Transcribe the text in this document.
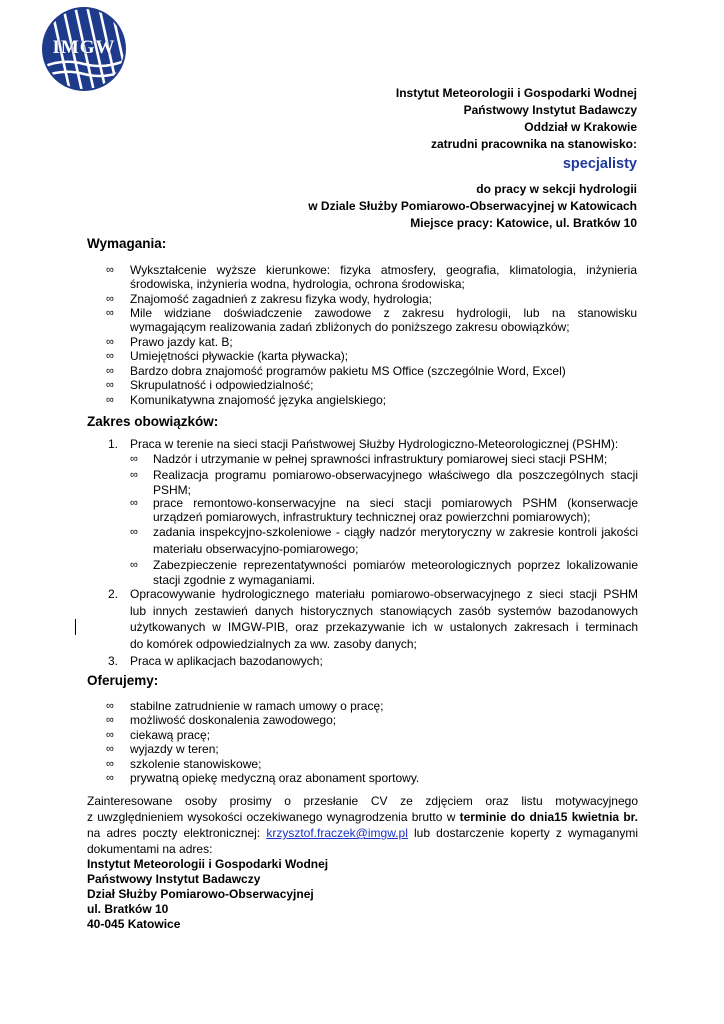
IMGW
Instytut Meteorologii i Gospodarki Wodnej
Państwowy Instytut Badawczy
Oddział w Krakowie
zatrudni pracownika na stanowisko:
specjalisty
do pracy w sekcji hydrologii
w Dziale Służby Pomiarowo-Obserwacyjnej w Katowicach
Miejsce pracy: Katowice, ul. Bratków 10
Wymagania:
∞ Wykształcenie wyższe kierunkowe: fizyka atmosfery, geografia, klimatologia, inżynieria
środowiska, inżynieria wodna, hydrologia, ochrona środowiska;
∞ Znajomość zagadnień z zakresu fizyka wody, hydrologia;
∞ Mile widziane doświadczenie zawodowe z zakresu hydrologii, lub na stanowisku
wymagającym realizowania zadań zbliżonych do poniższego zakresu obowiązków;
∞ Prawo jazdy kat. B;
∞ Umiejętności pływackie (karta pływacka);
∞ Bardzo dobra znajomość programów pakietu MS Office (szczególnie Word, Excel)
∞ Skrupulatność i odpowiedzialność;
∞ Komunikatywna znajomość języka angielskiego;
Zakres obowiązków:
1. Praca w terenie na sieci stacji Państwowej Służby Hydrologiczno-Meteorologicznej (PSHM):
∞ Nadzór i utrzymanie w pełnej sprawności infrastruktury pomiarowej sieci stacji PSHM;
∞ Realizacja programu pomiarowo-obserwacyjnego właściwego dla poszczególnych stacji
PSHM;
∞ prace remontowo-konserwacyjne na sieci stacji pomiarowych PSHM (konserwacje
urządzeń pomiarowych, infrastruktury technicznej oraz powierzchni pomiarowych);
∞ zadania inspekcyjno-szkoleniowe - ciągły nadzór merytoryczny w zakresie kontroli jakości
materiału obserwacyjno-pomiarowego;
∞ Zabezpieczenie reprezentatywności pomiarów meteorologicznych poprzez lokalizowanie
stacji zgodnie z wymaganiami.
2. Opracowywanie hydrologicznego materiału pomiarowo-obserwacyjnego z sieci stacji PSHM
lub innych zestawień danych historycznych stanowiących zasób systemów bazodanowych
użytkowanych w IMGW-PIB, oraz przekazywanie ich w ustalonych zakresach i terminach
do komórek odpowiedzialnych za ww. zasoby danych;
3. Praca w aplikacjach bazodanowych;
Oferujemy:
∞ stabilne zatrudnienie w ramach umowy o pracę;
∞ możliwość doskonalenia zawodowego;
∞ ciekawą pracę;
∞ wyjazdy w teren;
∞ szkolenie stanowiskowe;
∞ prywatną opiekę medyczną oraz abonament sportowy.
Zainteresowane osoby prosimy o przesłanie CV ze zdjęciem oraz listu motywacyjnego
z uwzględnieniem wysokości oczekiwanego wynagrodzenia brutto w terminie do dnia15 kwietnia br.
na adres poczty elektronicznej: krzysztof.fraczek@imgw.pl lub dostarczenie koperty z wymaganymi
dokumentami na adres:
Instytut Meteorologii i Gospodarki Wodnej
Państwowy Instytut Badawczy
Dział Służby Pomiarowo-Obserwacyjnej
ul. Bratków 10
40-045 Katowice
